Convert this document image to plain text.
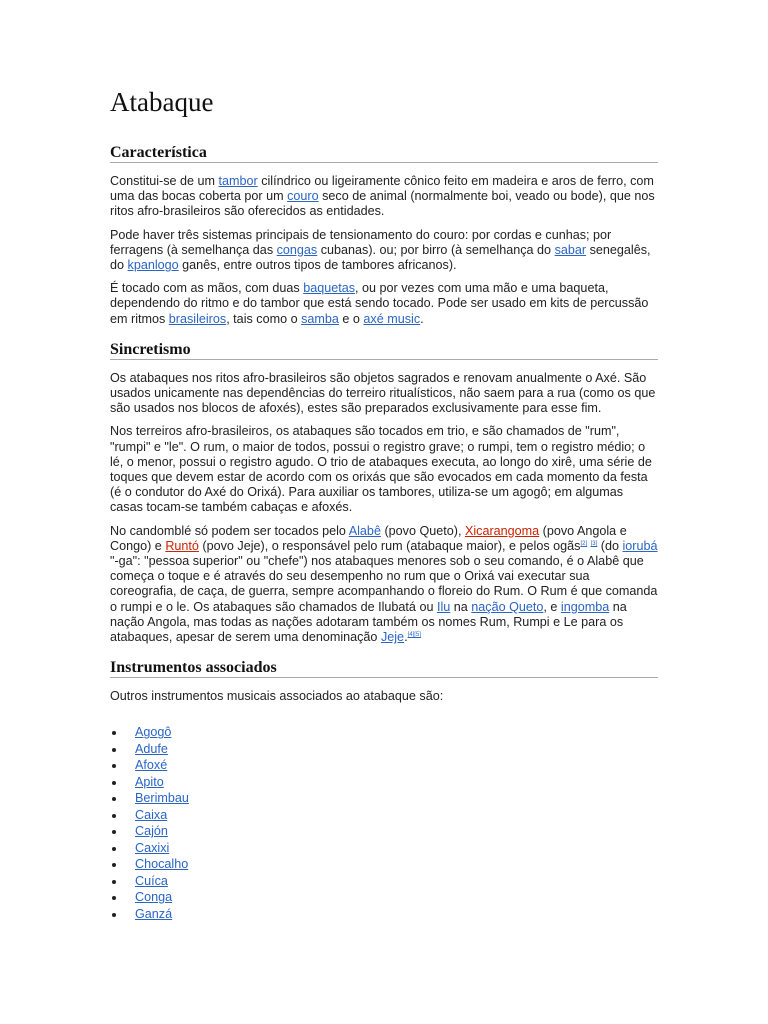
Atabaque
Característica

Constitui-se de um tambor cilíndrico ou ligeiramente cônico feito em madeira e aros de ferro, com uma das bocas coberta por um couro seco de animal (normalmente boi, veado ou bode), que nos ritos afro-brasileiros são oferecidos as entidades.

Pode haver três sistemas principais de tensionamento do couro: por cordas e cunhas; por ferragens (à semelhança das congas cubanas). ou; por birro (à semelhança do sabar senegalês, do kpanlogo ganês, entre outros tipos de tambores africanos).

É tocado com as mãos, com duas baquetas, ou por vezes com uma mão e uma baqueta, dependendo do ritmo e do tambor que está sendo tocado. Pode ser usado em kits de percussão em ritmos brasileiros, tais como o samba e o axé music.

Sincretismo

Os atabaques nos ritos afro-brasileiros são objetos sagrados e renovam anualmente o Axé. São usados unicamente nas dependências do terreiro ritualísticos, não saem para a rua (como os que são usados nos blocos de afoxés), estes são preparados exclusivamente para esse fim.

Nos terreiros afro-brasileiros, os atabaques são tocados em trio, e são chamados de "rum", "rumpi" e "le". O rum, o maior de todos, possui o registro grave; o rumpi, tem o registro médio; o lé, o menor, possui o registro agudo. O trio de atabaques executa, ao longo do xirê, uma série de toques que devem estar de acordo com os orixás que são evocados em cada momento da festa (é o condutor do Axé do Orixá). Para auxiliar os tambores, utiliza-se um agogô; em algumas casas tocam-se também cabaças e afoxés.

No candomblé só podem ser tocados pelo Alabê (povo Queto), Xicarangoma (povo Angola e Congo) e Runtó (povo Jeje), o responsável pelo rum (atabaque maior), e pelos ogãs[2] [3] (do iorubá "-ga": "pessoa superior" ou "chefe") nos atabaques menores sob o seu comando, é o Alabê que começa o toque e é através do seu desempenho no rum que o Orixá vai executar sua coreografia, de caça, de guerra, sempre acompanhando o floreio do Rum. O Rum é que comanda o rumpi e o le. Os atabaques são chamados de Ilubatá ou Ilu na nação Queto, e ingomba na nação Angola, mas todas as nações adotaram também os nomes Rum, Rumpi e Le para os atabaques, apesar de serem uma denominação Jeje.[4][5]

Instrumentos associados

Outros instrumentos musicais associados ao atabaque são:

Agogô
Adufe
Afoxé
Apito
Berimbau
Caixa
Cajón
Caxixi
Chocalho
Cuíca
Conga
Ganzá
